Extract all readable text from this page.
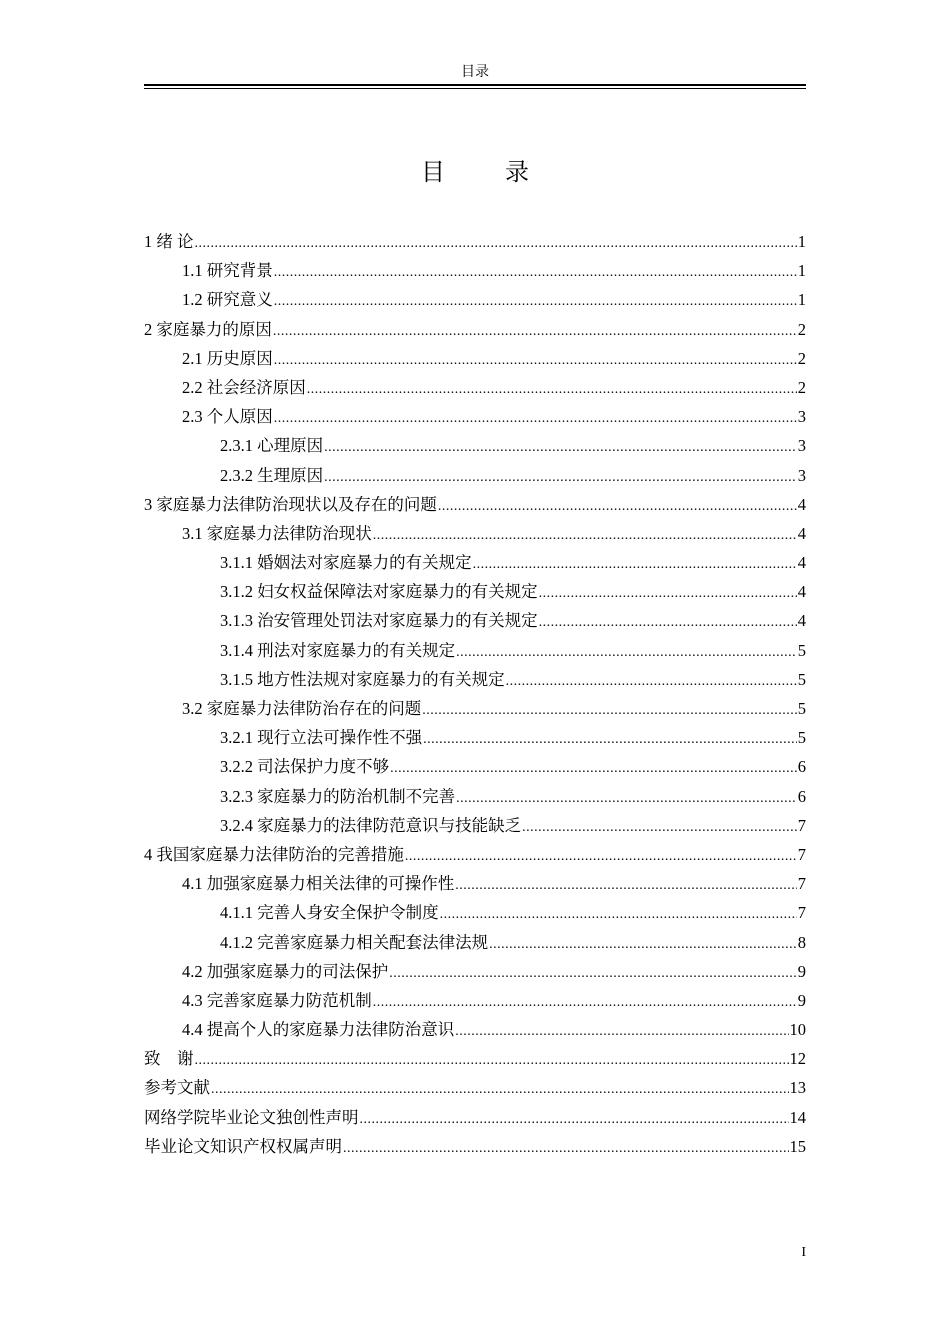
目录
目　录
1 绪 论 .....	1
1.1 研究背景 .....	1
1.2 研究意义 .....	1
2 家庭暴力的原因 .....	2
2.1 历史原因 .....	2
2.2 社会经济原因 .....	2
2.3 个人原因 .....	3
2.3.1 心理原因 .....	3
2.3.2 生理原因 .....	3
3 家庭暴力法律防治现状以及存在的问题 .....	4
3.1 家庭暴力法律防治现状 .....	4
3.1.1 婚姻法对家庭暴力的有关规定 .....	4
3.1.2 妇女权益保障法对家庭暴力的有关规定 .....	4
3.1.3 治安管理处罚法对家庭暴力的有关规定 .....	4
3.1.4 刑法对家庭暴力的有关规定 .....	5
3.1.5 地方性法规对家庭暴力的有关规定 .....	5
3.2 家庭暴力法律防治存在的问题 .....	5
3.2.1 现行立法可操作性不强 .....	5
3.2.2 司法保护力度不够 .....	6
3.2.3 家庭暴力的防治机制不完善 .....	6
3.2.4 家庭暴力的法律防范意识与技能缺乏 .....	7
4 我国家庭暴力法律防治的完善措施 .....	7
4.1 加强家庭暴力相关法律的可操作性 .....	7
4.1.1 完善人身安全保护令制度 .....	7
4.1.2 完善家庭暴力相关配套法律法规 .....	8
4.2 加强家庭暴力的司法保护 .....	9
4.3 完善家庭暴力防范机制 .....	9
4.4 提高个人的家庭暴力法律防治意识 .....	10
致　谢 .....	12
参考文献 .....	13
网络学院毕业论文独创性声明 .....	14
毕业论文知识产权权属声明 .....	15
I
